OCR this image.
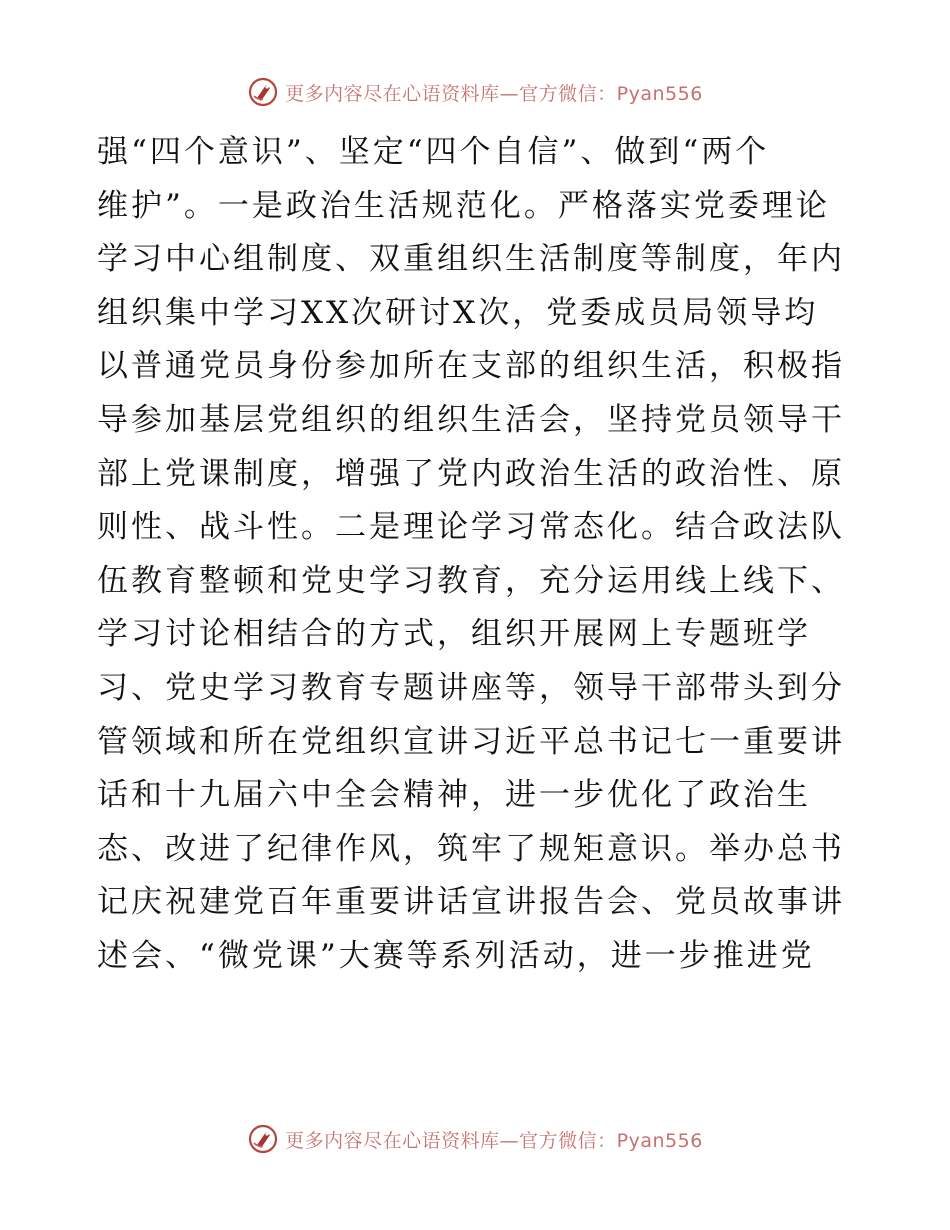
更多内容尽在心语资料库—官方微信：Pyan556
强“四个意识”、坚定“四个自信”、做到“两个
维护”。一是政治生活规范化。严格落实党委理论
学习中心组制度、双重组织生活制度等制度，年内
组织集中学习XX次研讨X次，党委成员局领导均
以普通党员身份参加所在支部的组织生活，积极指
导参加基层党组织的组织生活会，坚持党员领导干
部上党课制度，增强了党内政治生活的政治性、原
则性、战斗性。二是理论学习常态化。结合政法队
伍教育整顿和党史学习教育，充分运用线上线下、
学习讨论相结合的方式，组织开展网上专题班学
习、党史学习教育专题讲座等，领导干部带头到分
管领域和所在党组织宣讲习近平总书记七一重要讲
话和十九届六中全会精神，进一步优化了政治生
态、改进了纪律作风，筑牢了规矩意识。举办总书
记庆祝建党百年重要讲话宣讲报告会、党员故事讲
述会、“微党课”大赛等系列活动，进一步推进党
更多内容尽在心语资料库—官方微信：Pyan556
